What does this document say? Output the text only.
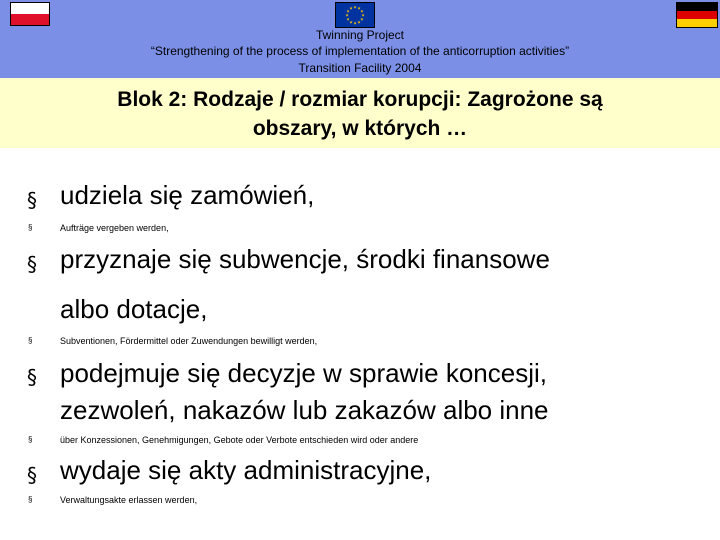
★ ★
★
★
★
★
★
★
★
★
★
★
Twinning Project
“Strengthening of the process of implementation of the anticorruption activities”
Transition Facility 2004
Blok 2: Rodzaje / rozmiar korupcji: Zagrożone są
obszary, w których …
§ udziela się zamówień,
§	Aufträge vergeben werden,
§ przyznaje się subwencje, środki finansowe
albo dotacje,
§	Subventionen, Fördermittel oder Zuwendungen bewilligt werden,
§ podejmuje się decyzje w sprawie koncesji,
zezwoleń, nakazów lub zakazów albo inne
§	über Konzessionen, Genehmigungen, Gebote oder Verbote entschieden wird oder andere
§ wydaje się akty administracyjne,
§	Verwaltungsakte erlassen werden,
